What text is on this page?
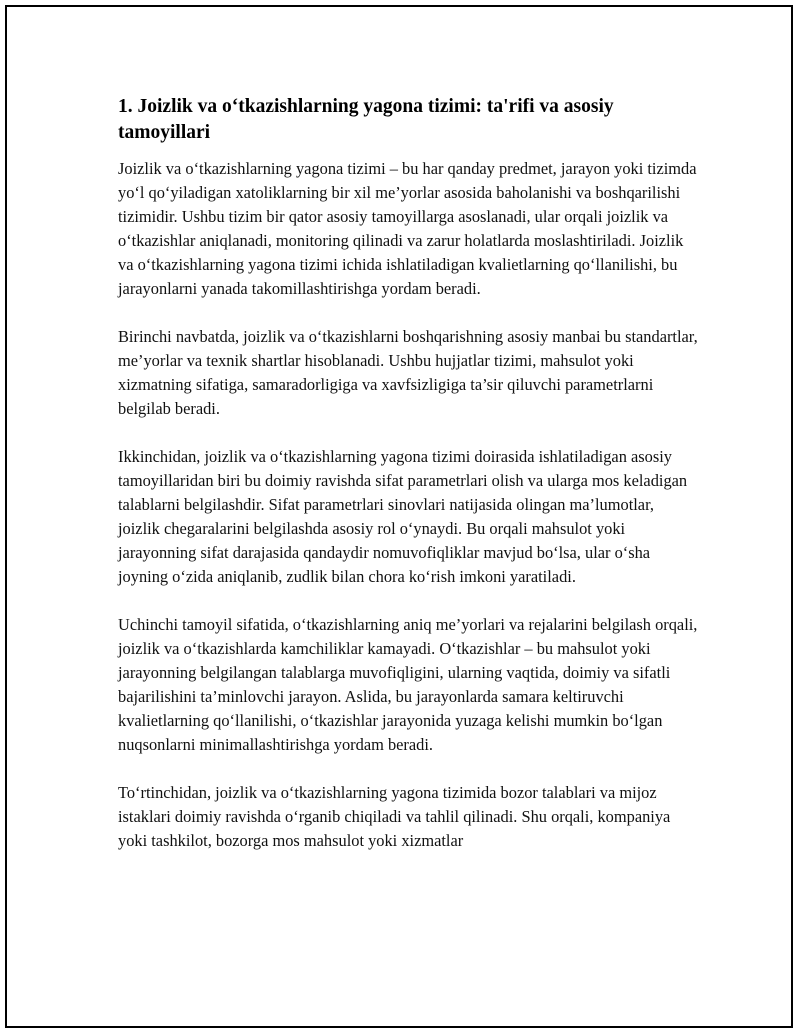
1. Joizlik va o‘tkazishlarning yagona tizimi: ta'rifi va asosiy tamoyillari

Joizlik va o‘tkazishlarning yagona tizimi – bu har qanday predmet, jarayon yoki tizimda yo‘l qo‘yiladigan xatoliklarning bir xil me’yorlar asosida baholanishi va boshqarilishi tizimidir. Ushbu tizim bir qator asosiy tamoyillarga asoslanadi, ular orqali joizlik va o‘tkazishlar aniqlanadi, monitoring qilinadi va zarur holatlarda moslashtiriladi. Joizlik va o‘tkazishlarning yagona tizimi ichida ishlatiladigan kvalietlarning qo‘llanilishi, bu jarayonlarni yanada takomillashtirishga yordam beradi.

Birinchi navbatda, joizlik va o‘tkazishlarni boshqarishning asosiy manbai bu standartlar, me’yorlar va texnik shartlar hisoblanadi. Ushbu hujjatlar tizimi, mahsulot yoki xizmatning sifatiga, samaradorligiga va xavfsizligiga ta’sir qiluvchi parametrlarni belgilab beradi.

Ikkinchidan, joizlik va o‘tkazishlarning yagona tizimi doirasida ishlatiladigan asosiy tamoyillaridan biri bu doimiy ravishda sifat parametrlari olish va ularga mos keladigan talablarni belgilashdir. Sifat parametrlari sinovlari natijasida olingan ma’lumotlar, joizlik chegaralarini belgilashda asosiy rol o‘ynaydi. Bu orqali mahsulot yoki jarayonning sifat darajasida qandaydir nomuvofiqliklar mavjud bo‘lsa, ular o‘sha joyning o‘zida aniqlanib, zudlik bilan chora ko‘rish imkoni yaratiladi.

Uchinchi tamoyil sifatida, o‘tkazishlarning aniq me’yorlari va rejalarini belgilash orqali, joizlik va o‘tkazishlarda kamchiliklar kamayadi. O‘tkazishlar – bu mahsulot yoki jarayonning belgilangan talablarga muvofiqligini, ularning vaqtida, doimiy va sifatli bajarilishini ta’minlovchi jarayon. Aslida, bu jarayonlarda samara keltiruvchi kvalietlarning qo‘llanilishi, o‘tkazishlar jarayonida yuzaga kelishi mumkin bo‘lgan nuqsonlarni minimallashtirishga yordam beradi.

To‘rtinchidan, joizlik va o‘tkazishlarning yagona tizimida bozor talablari va mijoz istaklari doimiy ravishda o‘rganib chiqiladi va tahlil qilinadi. Shu orqali, kompaniya yoki tashkilot, bozorga mos mahsulot yoki xizmatlar
